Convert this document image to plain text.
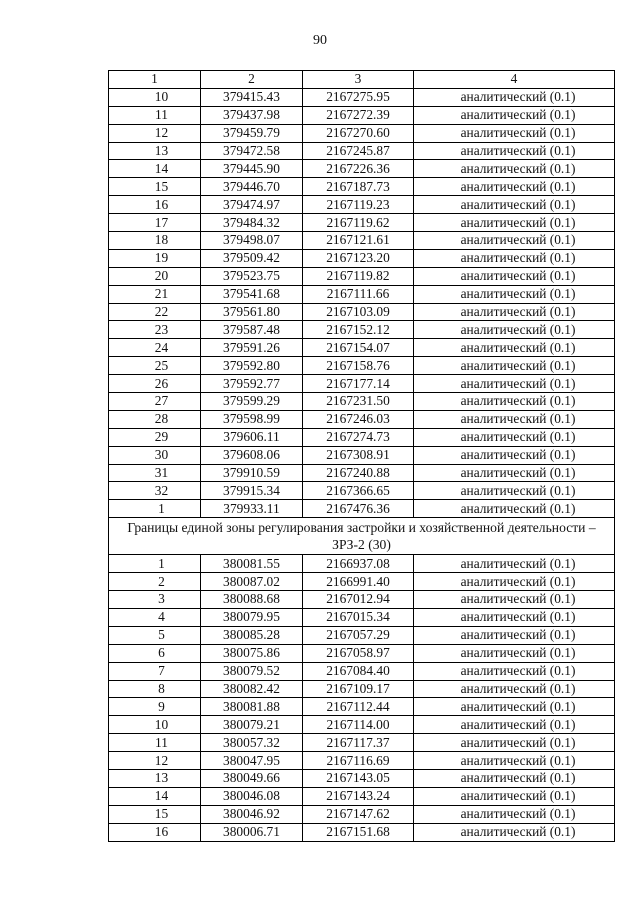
90
1	2	3	4
10	379415.43	2167275.95	аналитический (0.1)
11	379437.98	2167272.39	аналитический (0.1)
12	379459.79	2167270.60	аналитический (0.1)
13	379472.58	2167245.87	аналитический (0.1)
14	379445.90	2167226.36	аналитический (0.1)
15	379446.70	2167187.73	аналитический (0.1)
16	379474.97	2167119.23	аналитический (0.1)
17	379484.32	2167119.62	аналитический (0.1)
18	379498.07	2167121.61	аналитический (0.1)
19	379509.42	2167123.20	аналитический (0.1)
20	379523.75	2167119.82	аналитический (0.1)
21	379541.68	2167111.66	аналитический (0.1)
22	379561.80	2167103.09	аналитический (0.1)
23	379587.48	2167152.12	аналитический (0.1)
24	379591.26	2167154.07	аналитический (0.1)
25	379592.80	2167158.76	аналитический (0.1)
26	379592.77	2167177.14	аналитический (0.1)
27	379599.29	2167231.50	аналитический (0.1)
28	379598.99	2167246.03	аналитический (0.1)
29	379606.11	2167274.73	аналитический (0.1)
30	379608.06	2167308.91	аналитический (0.1)
31	379910.59	2167240.88	аналитический (0.1)
32	379915.34	2167366.65	аналитический (0.1)
1	379933.11	2167476.36	аналитический (0.1)
Границы единой зоны регулирования застройки и хозяйственной деятельности – ЗРЗ-2 (30)			
1	380081.55	2166937.08	аналитический (0.1)
2	380087.02	2166991.40	аналитический (0.1)
3	380088.68	2167012.94	аналитический (0.1)
4	380079.95	2167015.34	аналитический (0.1)
5	380085.28	2167057.29	аналитический (0.1)
6	380075.86	2167058.97	аналитический (0.1)
7	380079.52	2167084.40	аналитический (0.1)
8	380082.42	2167109.17	аналитический (0.1)
9	380081.88	2167112.44	аналитический (0.1)
10	380079.21	2167114.00	аналитический (0.1)
11	380057.32	2167117.37	аналитический (0.1)
12	380047.95	2167116.69	аналитический (0.1)
13	380049.66	2167143.05	аналитический (0.1)
14	380046.08	2167143.24	аналитический (0.1)
15	380046.92	2167147.62	аналитический (0.1)
16	380006.71	2167151.68	аналитический (0.1)
